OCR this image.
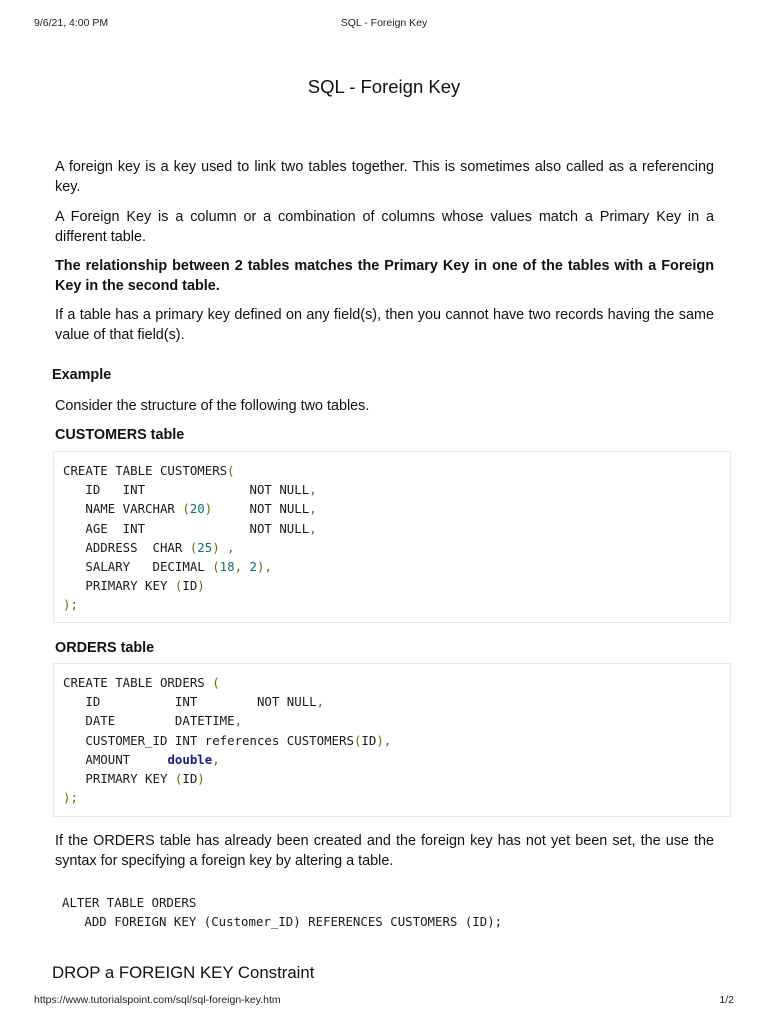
9/6/21, 4:00 PM	SQL - Foreign Key
SQL - Foreign Key

A foreign key is a key used to link two tables together. This is sometimes also called as a referencing key.

A Foreign Key is a column or a combination of columns whose values match a Primary Key in a different table.

The relationship between 2 tables matches the Primary Key in one of the tables with a Foreign Key in the second table.

If a table has a primary key defined on any field(s), then you cannot have two records having the same value of that field(s).

Example

Consider the structure of the following two tables.

CUSTOMERS table

CREATE TABLE CUSTOMERS(
ID   INT              NOT NULL,
NAME VARCHAR (20)     NOT NULL,
AGE  INT              NOT NULL,
ADDRESS  CHAR (25) ,
SALARY   DECIMAL (18, 2),
PRIMARY KEY (ID)
);

ORDERS table

CREATE TABLE ORDERS (
ID          INT        NOT NULL,
DATE        DATETIME,
CUSTOMER_ID INT references CUSTOMERS(ID),
AMOUNT     double,
PRIMARY KEY (ID)
);

If the ORDERS table has already been created and the foreign key has not yet been set, the use the syntax for specifying a foreign key by altering a table.

ALTER TABLE ORDERS
ADD FOREIGN KEY (Customer_ID) REFERENCES CUSTOMERS (ID);
DROP a FOREIGN KEY Constraint
https://www.tutorialspoint.com/sql/sql-foreign-key.htm	1/2
